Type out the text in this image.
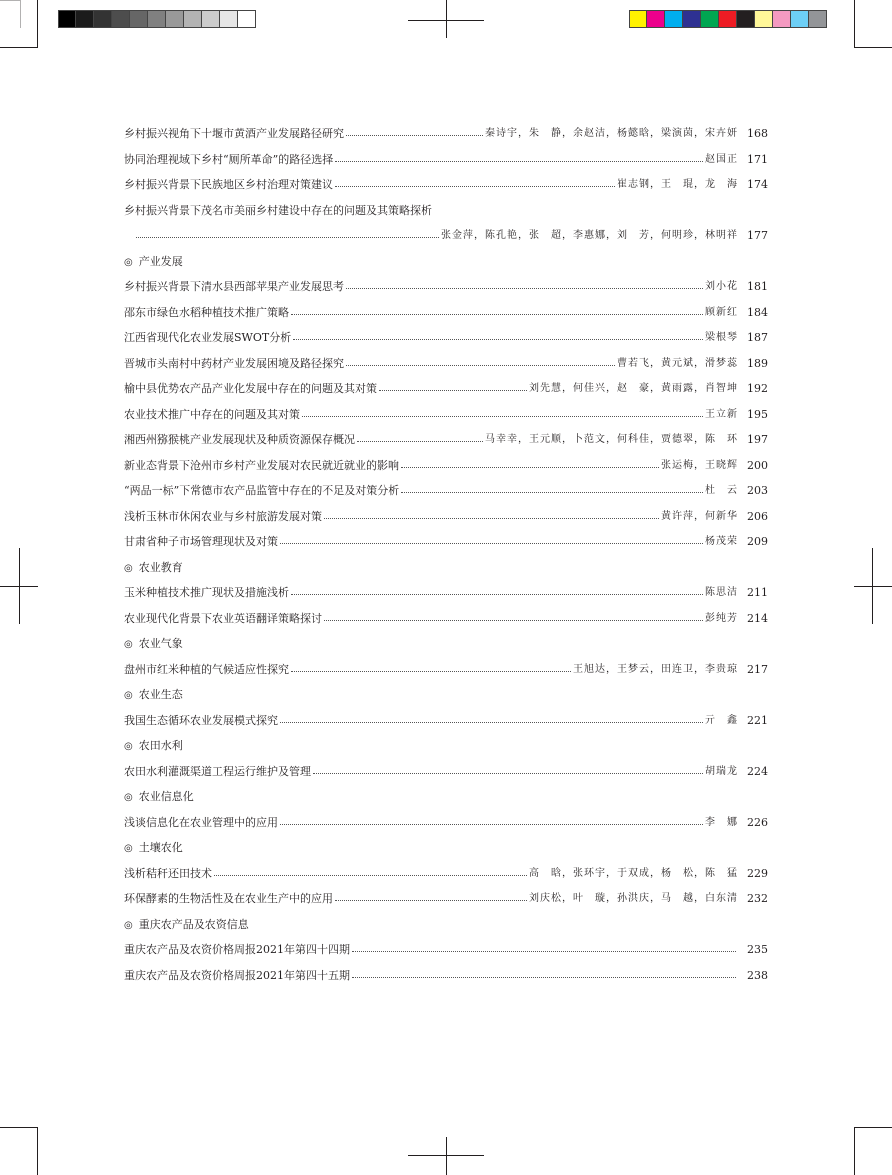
乡村振兴视角下十堰市黄酒产业发展路径研究	秦诗宇，朱　静，余赵洁，杨懿晗，梁演茵，宋卉妍 168
协同治理视域下乡村“厕所革命”的路径选择	赵国正 171
乡村振兴背景下民族地区乡村治理对策建议	崔志钢，王　琨，龙　海 174
乡村振兴背景下茂名市美丽乡村建设中存在的问题及其策略探析
张金萍，陈孔艳，张　超，李惠娜，刘　芳，何明珍，林明祥 177
◎ 产业发展
乡村振兴背景下清水县西部苹果产业发展思考	刘小花 181
邵东市绿色水稻种植技术推广策略	顾新红 184
江西省现代化农业发展SWOT分析	梁根琴 187
晋城市头南村中药材产业发展困境及路径探究	曹若飞，黄元斌，滑梦蕊 189
榆中县优势农产品产业化发展中存在的问题及其对策	刘先慧，何佳兴，赵　豪，黄雨露，肖智坤 192
农业技术推广中存在的问题及其对策	王立新 195
湘西州猕猴桃产业发展现状及种质资源保存概况	马幸幸，王元顺，卜范文，何科佳，贾德翠，陈　环 197
新业态背景下沧州市乡村产业发展对农民就近就业的影响	张运梅，王晓辉 200
“两品一标”下常德市农产品监管中存在的不足及对策分析	杜　云 203
浅析玉林市休闲农业与乡村旅游发展对策	黄许萍，何新华 206
甘肃省种子市场管理现状及对策	杨茂荣 209
◎ 农业教育
玉米种植技术推广现状及措施浅析	陈思洁 211
农业现代化背景下农业英语翻译策略探讨	彭纯芳 214
◎ 农业气象
盘州市红米种植的气候适应性探究	王旭达，王梦云，田连卫，李贵琼 217
◎ 农业生态
我国生态循环农业发展模式探究	亓　鑫 221
◎ 农田水利
农田水利灌溉渠道工程运行维护及管理	胡瑞龙 224
◎ 农业信息化
浅谈信息化在农业管理中的应用	李　娜 226
◎ 土壤农化
浅析秸秆还田技术	高　晗，张环宇，于双成，杨　松，陈　猛 229
环保酵素的生物活性及在农业生产中的应用	刘庆松，叶　璇，孙洪庆，马　越，白东清 232
◎ 重庆农产品及农资信息
重庆农产品及农资价格周报2021年第四十四期	235
重庆农产品及农资价格周报2021年第四十五期	238
